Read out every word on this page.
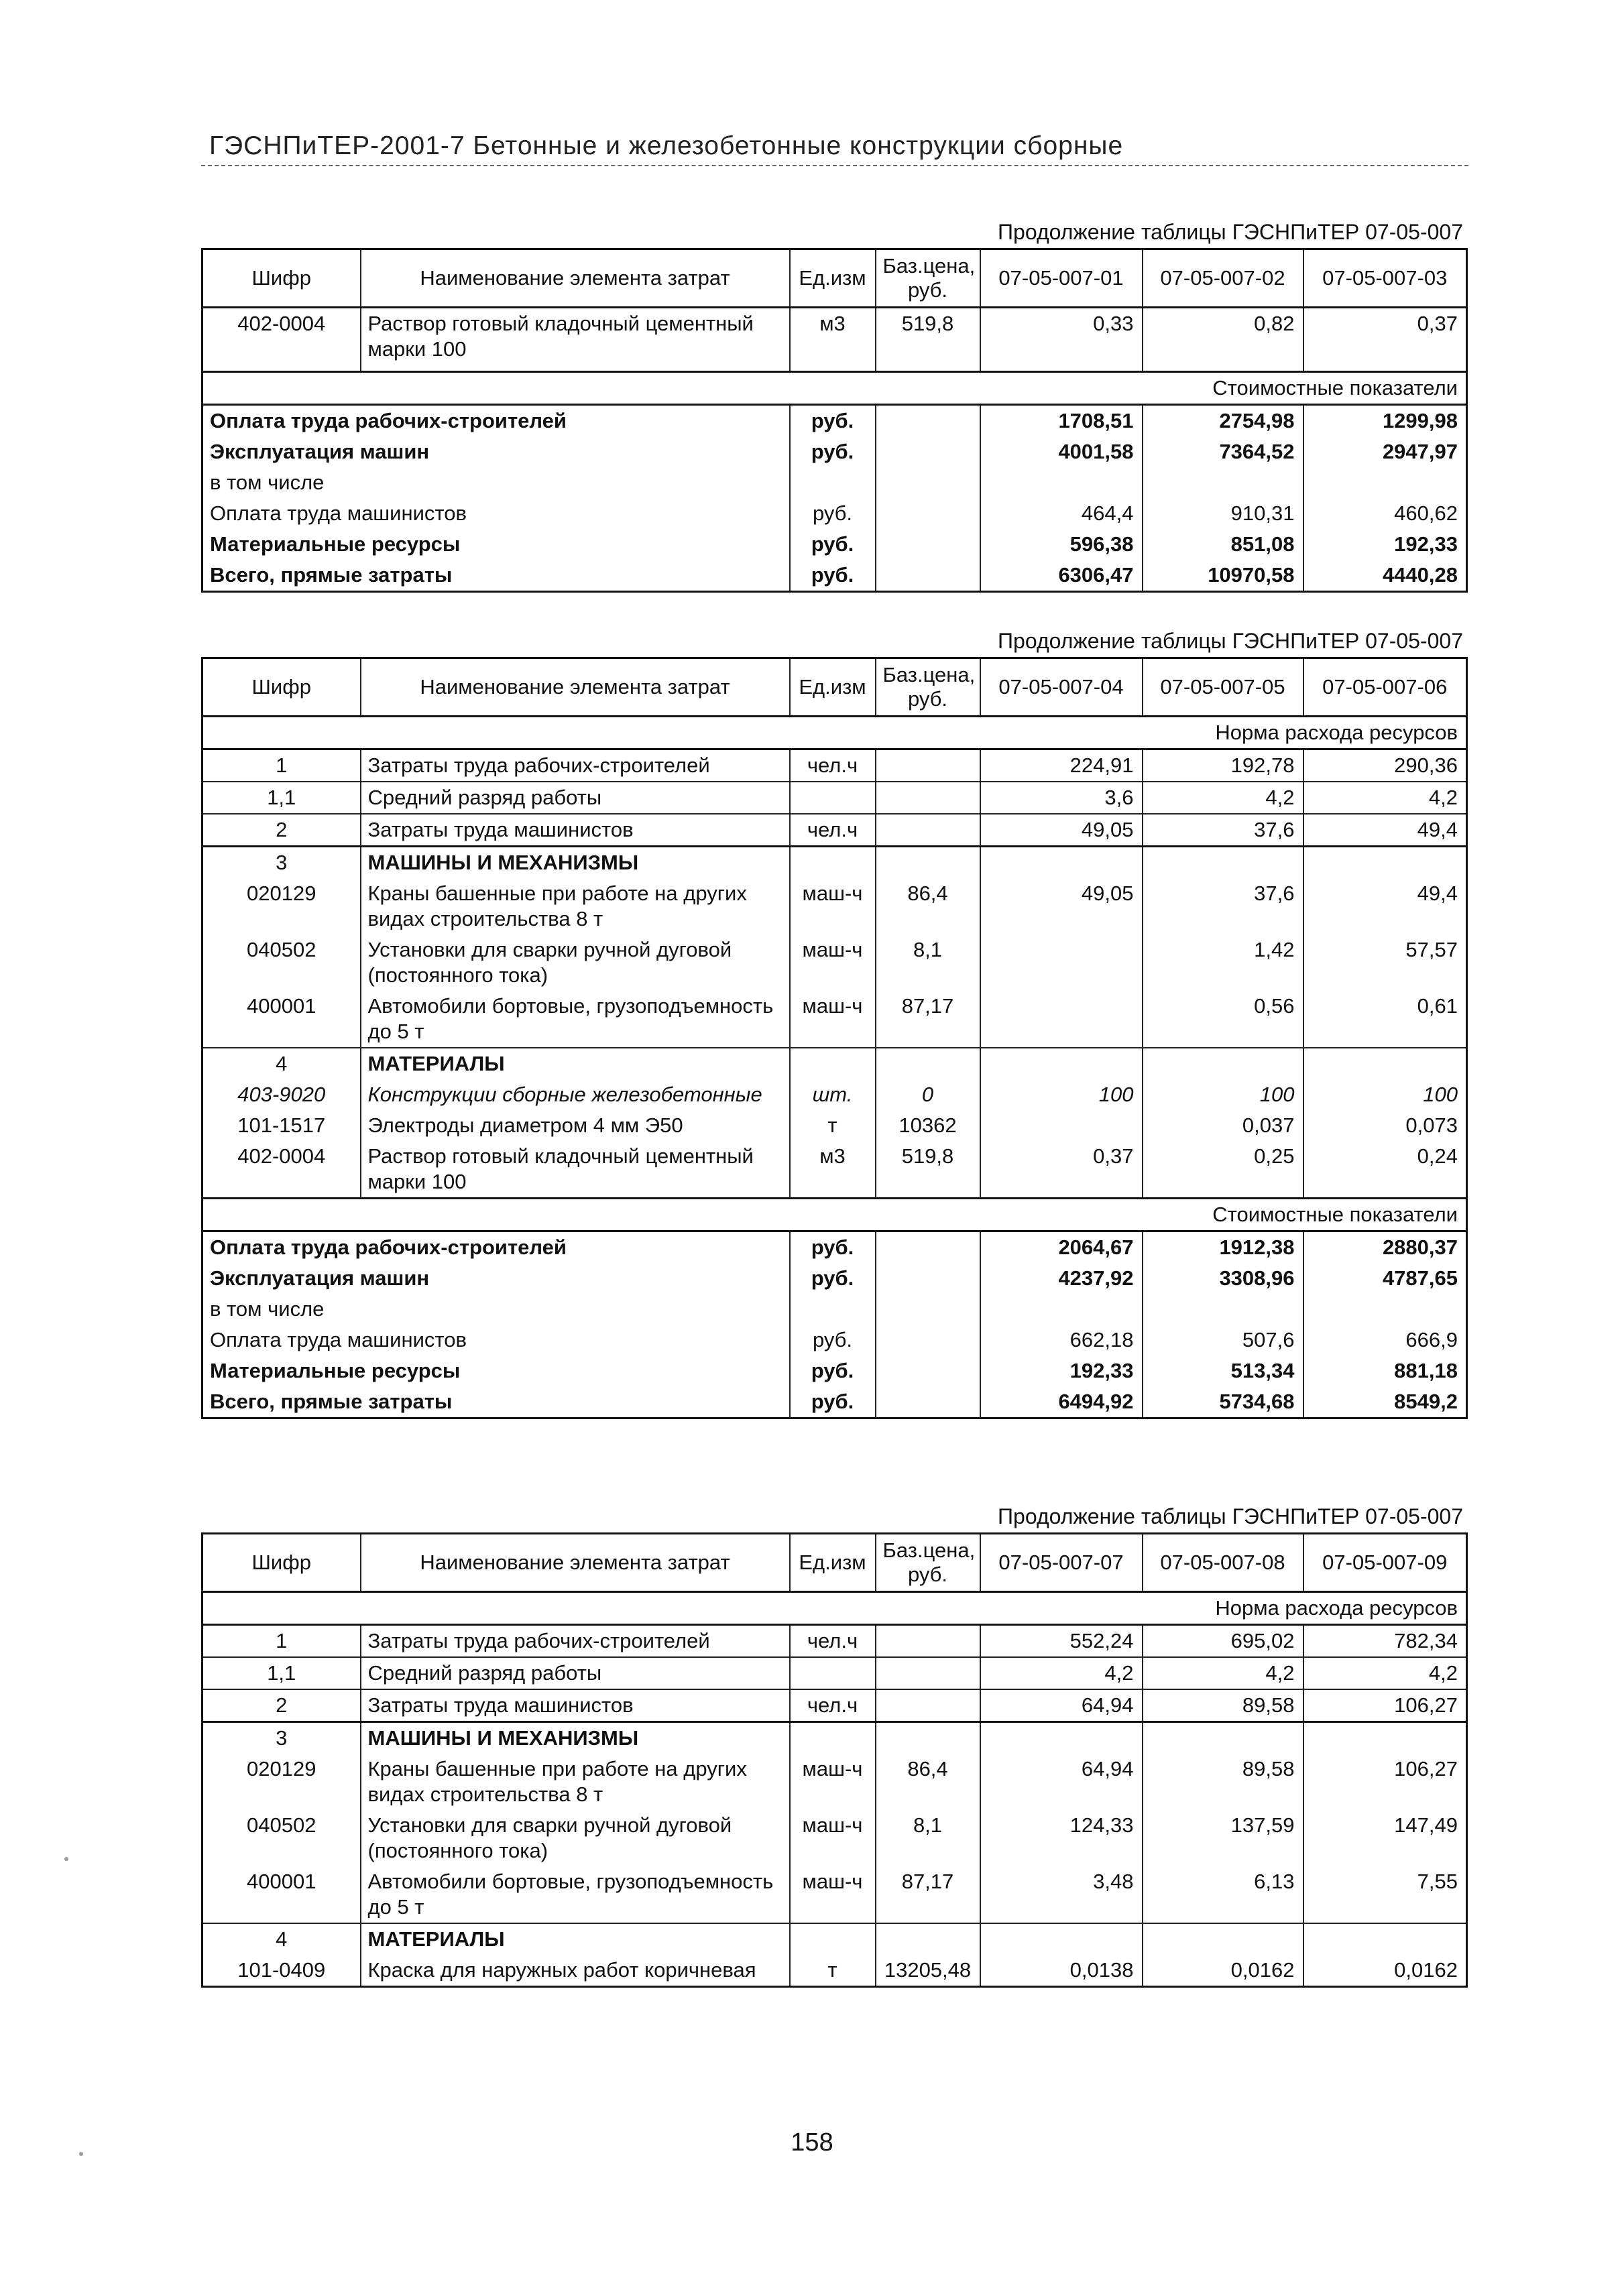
ГЭСНПиТЕР-2001-7 Бетонные и железобетонные конструкции сборные
Продолжение таблицы ГЭСНПиТЕР 07-05-007
Шифр	Наименование элемента затрат	Ед.изм	Баз.цена, руб.	07-05-007-01	07-05-007-02	07-05-007-03
402-0004	Раствор готовый кладочный цементный марки 100	м3	519,8	0,33	0,82	0,37
Стоимостные показатели						
Оплата труда рабочих-строителей		руб.		1708,51	2754,98	1299,98
Эксплуатация машин		руб.		4001,58	7364,52	2947,97
в том числе						
Оплата труда машинистов		руб.		464,4	910,31	460,62
Материальные ресурсы		руб.		596,38	851,08	192,33
Всего, прямые затраты		руб.		6306,47	10970,58	4440,28
Продолжение таблицы ГЭСНПиТЕР 07-05-007
Шифр	Наименование элемента затрат	Ед.изм	Баз.цена, руб.	07-05-007-04	07-05-007-05	07-05-007-06
Норма расхода ресурсов						
1	Затраты труда рабочих-строителей	чел.ч		224,91	192,78	290,36
1,1	Средний разряд работы			3,6	4,2	4,2
2	Затраты труда машинистов	чел.ч		49,05	37,6	49,4
3	МАШИНЫ И МЕХАНИЗМЫ					
020129	Краны башенные при работе на других видах строительства 8 т	маш-ч	86,4	49,05	37,6	49,4
040502	Установки для сварки ручной дуговой (постоянного тока)	маш-ч	8,1		1,42	57,57
400001	Автомобили бортовые, грузоподъемность до 5 т	маш-ч	87,17		0,56	0,61
4	МАТЕРИАЛЫ					
403-9020	Конструкции сборные железобетонные	шт.	0	100	100	100
101-1517	Электроды диаметром 4 мм Э50	т	10362		0,037	0,073
402-0004	Раствор готовый кладочный цементный марки 100	м3	519,8	0,37	0,25	0,24
Стоимостные показатели						
Оплата труда рабочих-строителей		руб.		2064,67	1912,38	2880,37
Эксплуатация машин		руб.		4237,92	3308,96	4787,65
в том числе						
Оплата труда машинистов		руб.		662,18	507,6	666,9
Материальные ресурсы		руб.		192,33	513,34	881,18
Всего, прямые затраты		руб.		6494,92	5734,68	8549,2
Продолжение таблицы ГЭСНПиТЕР 07-05-007
Шифр	Наименование элемента затрат	Ед.изм	Баз.цена, руб.	07-05-007-07	07-05-007-08	07-05-007-09
Норма расхода ресурсов						
1	Затраты труда рабочих-строителей	чел.ч		552,24	695,02	782,34
1,1	Средний разряд работы			4,2	4,2	4,2
2	Затраты труда машинистов	чел.ч		64,94	89,58	106,27
3	МАШИНЫ И МЕХАНИЗМЫ					
020129	Краны башенные при работе на других видах строительства 8 т	маш-ч	86,4	64,94	89,58	106,27
040502	Установки для сварки ручной дуговой (постоянного тока)	маш-ч	8,1	124,33	137,59	147,49
400001	Автомобили бортовые, грузоподъемность до 5 т	маш-ч	87,17	3,48	6,13	7,55
4	МАТЕРИАЛЫ					
101-0409	Краска для наружных работ коричневая	т	13205,48	0,0138	0,0162	0,0162
158
